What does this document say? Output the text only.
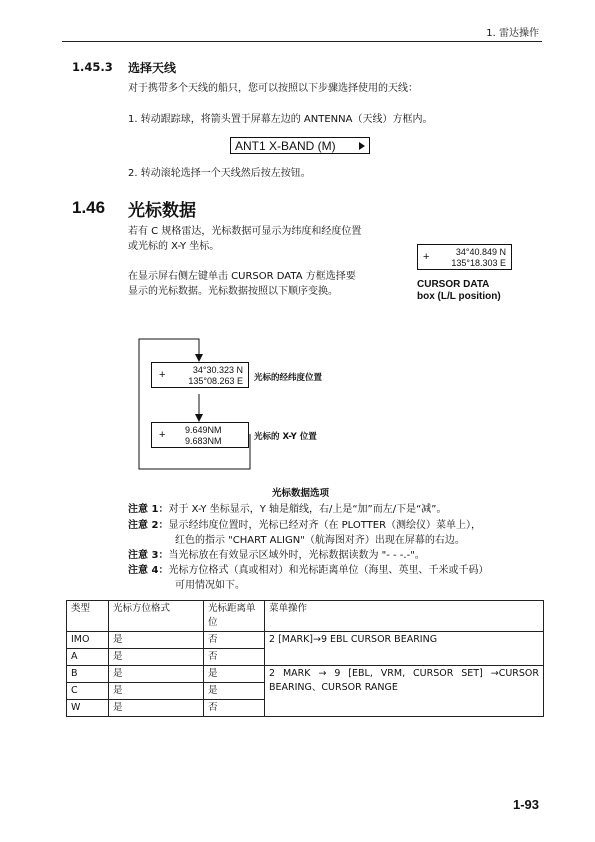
1. 雷达操作
1.45.3 选择天线
对于携带多个天线的船只，您可以按照以下步骤选择使用的天线：
1. 转动跟踪球，将箭头置于屏幕左边的 ANTENNA（天线）方框内。
ANT1 X-BAND (M)
2. 转动滚轮选择一个天线然后按左按钮。
1.46 光标数据
若有 C 规格雷达，光标数据可显示为纬度和经度位置
或光标的 X-Y 坐标。
在显示屏右侧左键单击 CURSOR DATA 方框选择要
显示的光标数据。光标数据按照以下顺序变换。
+	34°40.849 N
135°18.303 E
CURSOR DATA
box (L/L position)
+	34°30.323 N
135°08.263 E 光标的经纬度位置
+ 9.649NM
9.683NM	光标的 X-Y 位置
光标数据选项
注意 1：对于 X-Y 坐标显示，Y 轴是艏线，右/上是“加”而左/下是“减”。
注意 2：显示经纬度位置时，光标已经对齐（在 PLOTTER（测绘仪）菜单上），
红色的指示 "CHART ALIGN"（航海图对齐）出现在屏幕的右边。
注意 3：当光标放在有效显示区域外时，光标数据读数为 "- - -.-"。
注意 4：光标方位格式（真或相对）和光标距离单位（海里、英里、千米或千码）
可用情况如下。
类型	光标方位格式	光标距离单位	菜单操作
IMO	是	否	2 [MARK]→9 EBL CURSOR BEARING
A	是	否	
B	是	是	2 MARK → 9 [EBL, VRM, CURSOR SET] →CURSOR BEARING、CURSOR RANGE
C	是	是	
W	是	否	
1-93
